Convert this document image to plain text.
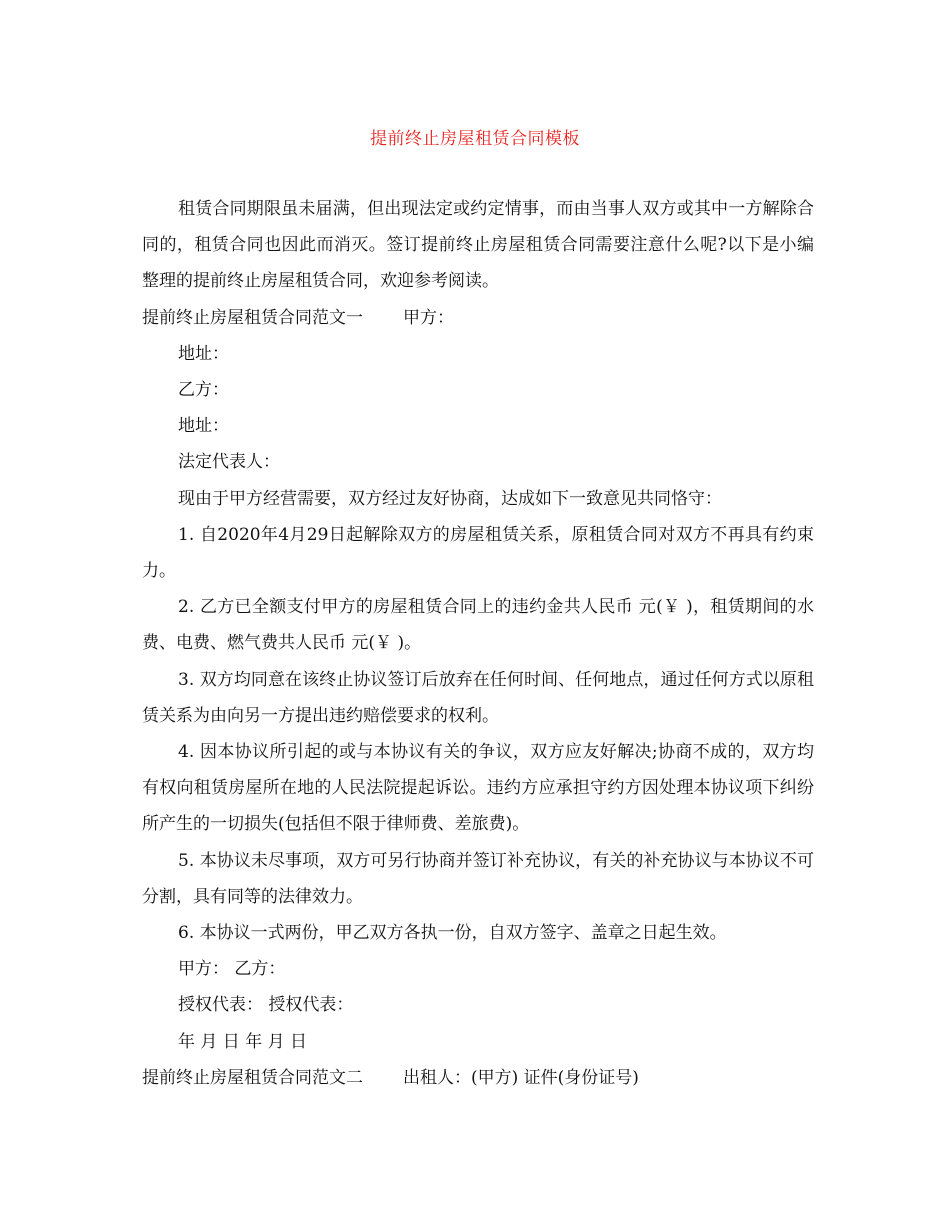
提前终止房屋租赁合同模板

租赁合同期限虽未届满，但出现法定或约定情事，而由当事人双方或其中一方解除合同的，租赁合同也因此而消灭。签订提前终止房屋租赁合同需要注意什么呢?以下是小编整理的提前终止房屋租赁合同，欢迎参考阅读。

提前终止房屋租赁合同范文一 甲方：

地址：

乙方：

地址：

法定代表人：

现由于甲方经营需要，双方经过友好协商，达成如下一致意见共同恪守：

1. 自2020年4月29日起解除双方的房屋租赁关系，原租赁合同对双方不再具有约束力。

2. 乙方已全额支付甲方的房屋租赁合同上的违约金共人民币 元(￥ )，租赁期间的水费、电费、燃气费共人民币 元(￥ )。

3. 双方均同意在该终止协议签订后放弃在任何时间、任何地点，通过任何方式以原租赁关系为由向另一方提出违约赔偿要求的权利。

4. 因本协议所引起的或与本协议有关的争议，双方应友好解决;协商不成的，双方均有权向租赁房屋所在地的人民法院提起诉讼。违约方应承担守约方因处理本协议项下纠纷所产生的一切损失(包括但不限于律师费、差旅费)。

5. 本协议未尽事项，双方可另行协商并签订补充协议，有关的补充协议与本协议不可分割，具有同等的法律效力。

6. 本协议一式两份，甲乙双方各执一份，自双方签字、盖章之日起生效。

甲方： 乙方：

授权代表： 授权代表：

年 月 日 年 月 日

提前终止房屋租赁合同范文二 出租人：(甲方) 证件(身份证号)
